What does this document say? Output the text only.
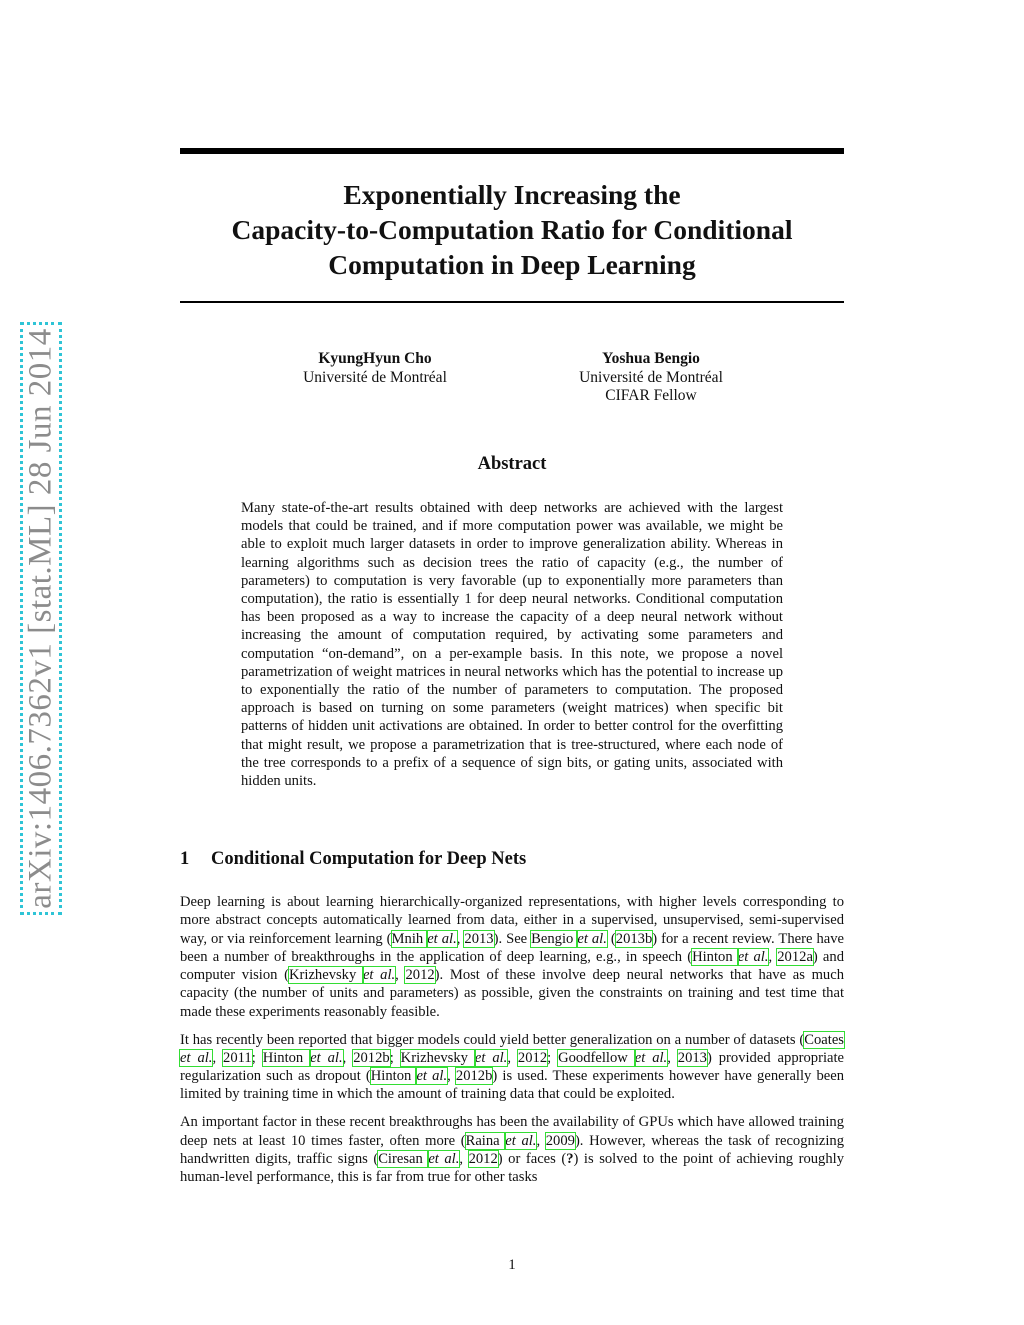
arXiv:1406.7362v1 [stat.ML] 28 Jun 2014
Exponentially Increasing the
Capacity-to-Computation Ratio for Conditional
Computation in Deep Learning
KyungHyun Cho
Université de Montréal
Yoshua Bengio
Université de Montréal
CIFAR Fellow
Abstract
Many state-of-the-art results obtained with deep networks are achieved with the largest models that could be trained, and if more computation power was available, we might be able to exploit much larger datasets in order to improve generalization ability. Whereas in learning algorithms such as decision trees the ratio of capacity (e.g., the number of parameters) to computation is very favorable (up to exponentially more parameters than computation), the ratio is essentially 1 for deep neural networks. Conditional computation has been proposed as a way to increase the capacity of a deep neural network without increasing the amount of computation required, by activating some parameters and computation “on-demand”, on a per-example basis. In this note, we propose a novel parametrization of weight matrices in neural networks which has the potential to increase up to exponentially the ratio of the number of parameters to computation. The proposed approach is based on turning on some parameters (weight matrices) when specific bit patterns of hidden unit activations are obtained. In order to better control for the overfitting that might result, we propose a parametrization that is tree-structured, where each node of the tree corresponds to a prefix of a sequence of sign bits, or gating units, associated with hidden units.
1 Conditional Computation for Deep Nets

Deep learning is about learning hierarchically-organized representations, with higher levels corresponding to more abstract concepts automatically learned from data, either in a supervised, unsupervised, semi-supervised way, or via reinforcement learning (Mnih et al., 2013). See Bengio et al. (2013b) for a recent review. There have been a number of breakthroughs in the application of deep learning, e.g., in speech (Hinton et al., 2012a) and computer vision (Krizhevsky et al., 2012). Most of these involve deep neural networks that have as much capacity (the number of units and parameters) as possible, given the constraints on training and test time that made these experiments reasonably feasible.

It has recently been reported that bigger models could yield better generalization on a number of datasets (Coates et al., 2011; Hinton et al., 2012b; Krizhevsky et al., 2012; Goodfellow et al., 2013) provided appropriate regularization such as dropout (Hinton et al., 2012b) is used. These experiments however have generally been limited by training time in which the amount of training data that could be exploited.

An important factor in these recent breakthroughs has been the availability of GPUs which have allowed training deep nets at least 10 times faster, often more (Raina et al., 2009). However, whereas the task of recognizing handwritten digits, traffic signs (Ciresan et al., 2012) or faces (?) is solved to the point of achieving roughly human-level performance, this is far from true for other tasks

1
